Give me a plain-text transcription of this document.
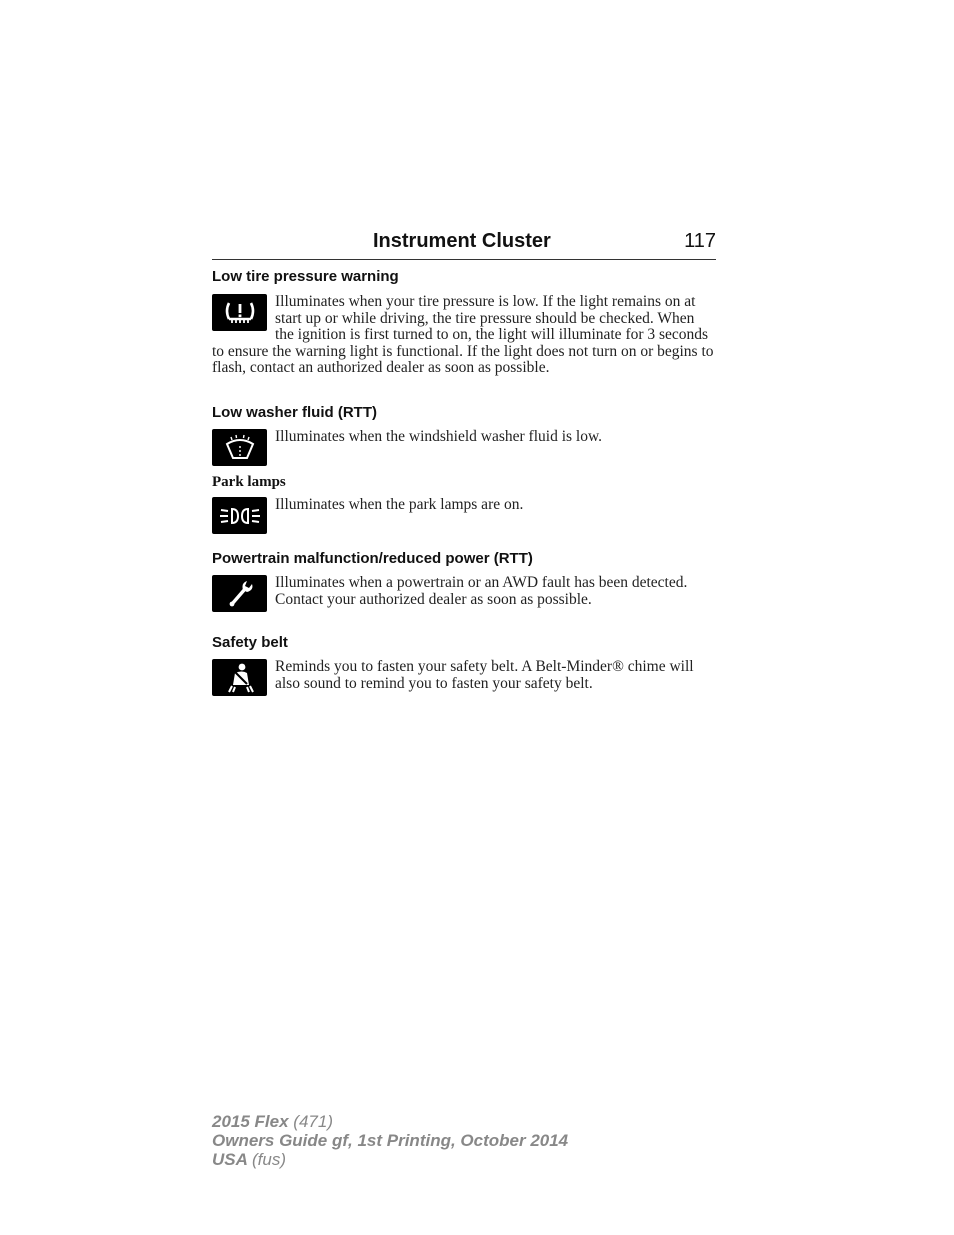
Instrument Cluster	117
Low tire pressure warning
Illuminates when your tire pressure is low. If the light remains on at start up or while driving, the tire pressure should be checked. When the ignition is first turned to on, the light will illuminate for 3 seconds to ensure the warning light is functional. If the light does not turn on or begins to flash, contact an authorized dealer as soon as possible.
Low washer fluid (RTT)
Illuminates when the windshield washer fluid is low.
Park lamps
Illuminates when the park lamps are on.
Powertrain malfunction/reduced power (RTT)
Illuminates when a powertrain or an AWD fault has been detected. Contact your authorized dealer as soon as possible.
Safety belt
Reminds you to fasten your safety belt. A Belt-Minder® chime will also sound to remind you to fasten your safety belt.
2015 Flex (471)
Owners Guide gf, 1st Printing, October 2014
USA (fus)
